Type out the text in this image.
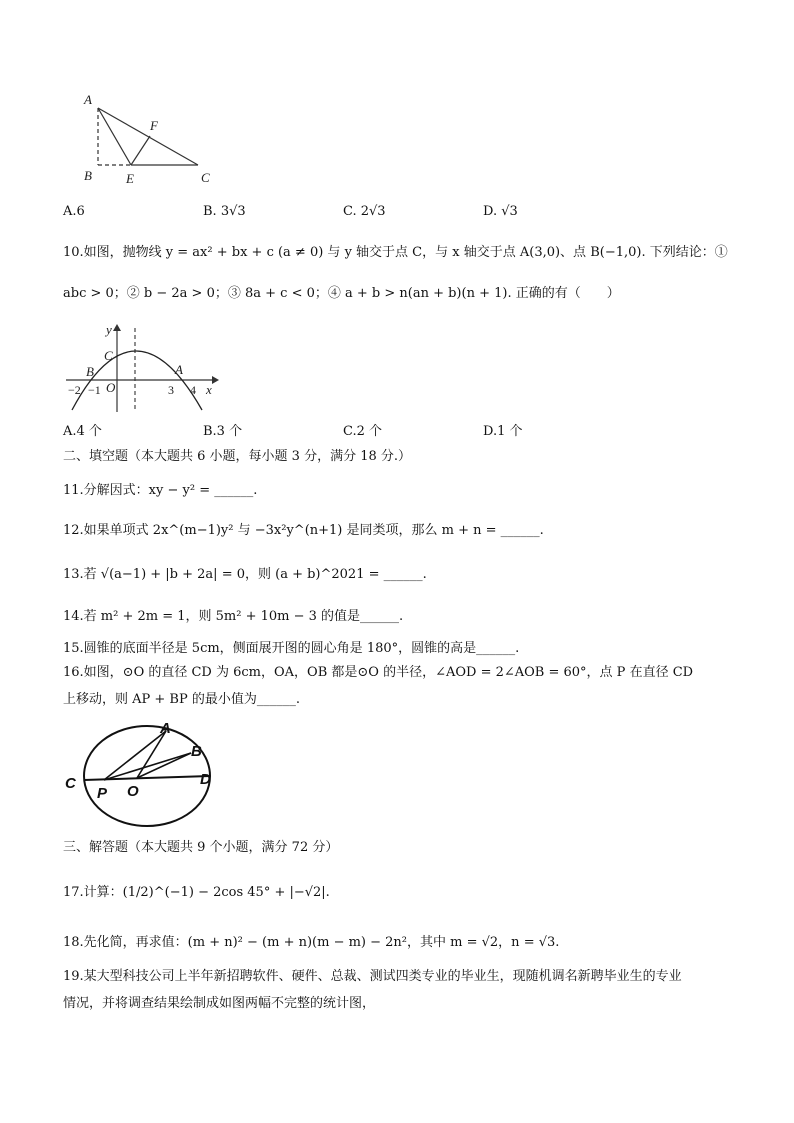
A
F
B	E	C
A.6	B. 3√3	C. 2√3	D. √3
10.如图，抛物线 y = ax² + bx + c (a ≠ 0) 与 y 轴交于点 C，与 x 轴交于点 A(3,0)、点 B(−1,0). 下列结论：①
abc > 0；② b − 2a > 0；③ 8a + c < 0；④ a + b > n(an + b)(n + 1). 正确的有（　　）
y
x
C
B	A
O
−2 −1	3 4
A.4 个	B.3 个	C.2 个	D.1 个
二、填空题（本大题共 6 小题，每小题 3 分，满分 18 分.）
11.分解因式：xy − y² = ______.
12.如果单项式 2x^(m−1)y² 与 −3x²y^(n+1) 是同类项，那么 m + n = ______.
13.若 √(a−1) + |b + 2a| = 0，则 (a + b)^2021 = ______.
14.若 m² + 2m = 1，则 5m² + 10m − 3 的值是______.
15.圆锥的底面半径是 5cm，侧面展开图的圆心角是 180°，圆锥的高是______.
16.如图，⊙O 的直径 CD 为 6cm，OA，OB 都是⊙O 的半径，∠AOD = 2∠AOB = 60°，点 P 在直径 CD
上移动，则 AP + BP 的最小值为______.
A
B
C	D
P O
三、解答题（本大题共 9 个小题，满分 72 分）
17.计算：(1/2)^(−1) − 2cos 45° + |−√2|.
18.先化简，再求值：(m + n)² − (m + n)(m − m) − 2n²，其中 m = √2，n = √3.
19.某大型科技公司上半年新招聘软件、硬件、总裁、测试四类专业的毕业生，现随机调名新聘毕业生的专业
情况，并将调查结果绘制成如图两幅不完整的统计图，
